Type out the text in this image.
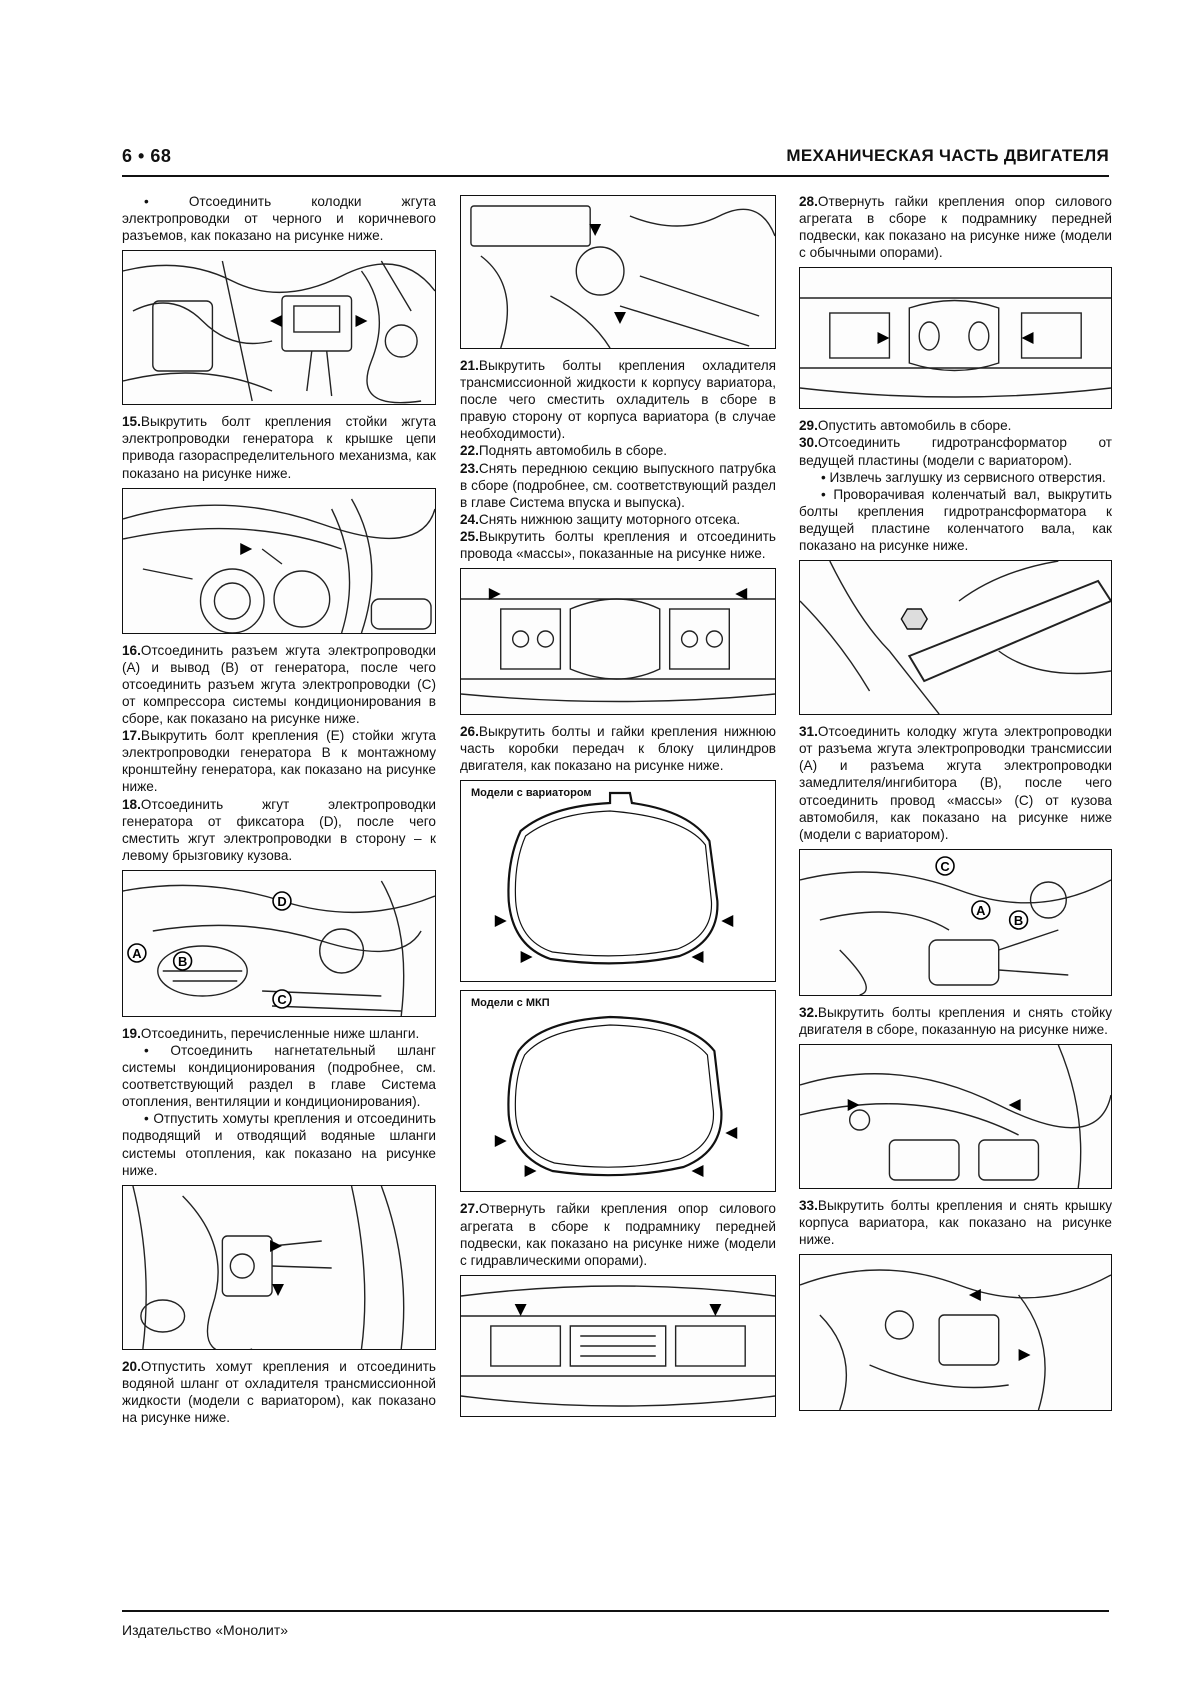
6 • 68	МЕХАНИЧЕСКАЯ ЧАСТЬ ДВИГАТЕЛЯ

• Отсоединить колодки жгута электропроводки от черного и коричневого разъемов, как показано на рисунке ниже.

15.Выкрутить болт крепления стойки жгута электропроводки генератора к крышке цепи привода газораспределительного механизма, как показано на рисунке ниже.

16.Отсоединить разъем жгута электропроводки (A) и вывод (B) от генератора, после чего отсоединить разъем жгута электропроводки (C) от компрессора системы кондиционирования в сборе, как показано на рисунке ниже.

17.Выкрутить болт крепления (E) стойки жгута электропроводки генератора B к монтажному кронштейну генератора, как показано на рисунке ниже.

18.Отсоединить жгут электропроводки генератора от фиксатора (D), после чего сместить жгут электропроводки в сторону – к левому брызговику кузова.

A
B
C
D

19.Отсоединить, перечисленные ниже шланги.

• Отсоединить нагнетательный шланг системы кондиционирования (подробнее, см. соответствующий раздел в главе Система отопления, вентиляции и кондиционирования).

• Отпустить хомуты крепления и отсоединить подводящий и отводящий водяные шланги системы отопления, как показано на рисунке ниже.

20.Отпустить хомут крепления и отсоединить водяной шланг от охладителя трансмиссионной жидкости (модели с вариатором), как показано на рисунке ниже.

21.Выкрутить болты крепления охладителя трансмиссионной жидкости к корпусу вариатора, после чего сместить охладитель в сборе в правую сторону от корпуса вариатора (в случае необходимости).

22.Поднять автомобиль в сборе.

23.Снять переднюю секцию выпускного патрубка в сборе (подробнее, см. соответствующий раздел в главе Система впуска и выпуска).

24.Снять нижнюю защиту моторного отсека.

25.Выкрутить болты крепления и отсоединить провода «массы», показанные на рисунке ниже.

26.Выкрутить болты и гайки крепления нижнюю часть коробки передач к блоку цилиндров двигателя, как показано на рисунке ниже.

Модели с вариатором
Модели с МКП

27.Отвернуть гайки крепления опор силового агрегата в сборе к подрамнику передней подвески, как показано на рисунке ниже (модели с гидравлическими опорами).

28.Отвернуть гайки крепления опор силового агрегата в сборе к подрамнику передней подвески, как показано на рисунке ниже (модели с обычными опорами).

29.Опустить автомобиль в сборе.

30.Отсоединить гидротрансформатор от ведущей пластины (модели с вариатором).

• Извлечь заглушку из сервисного отверстия.

• Проворачивая коленчатый вал, выкрутить болты крепления гидротрансформатора к ведущей пластине коленчатого вала, как показано на рисунке ниже.

31.Отсоединить колодку жгута электропроводки от разъема жгута электропроводки трансмиссии (A) и разъема жгута электропроводки замедлителя/ингибитора (B), после чего отсоединить провод «массы» (C) от кузова автомобиля, как показано на рисунке ниже (модели с вариатором).

C
A
B

32.Выкрутить болты крепления и снять стойку двигателя в сборе, показанную на рисунке ниже.

33.Выкрутить болты крепления и снять крышку корпуса вариатора, как показано на рисунке ниже.

Издательство «Монолит»
